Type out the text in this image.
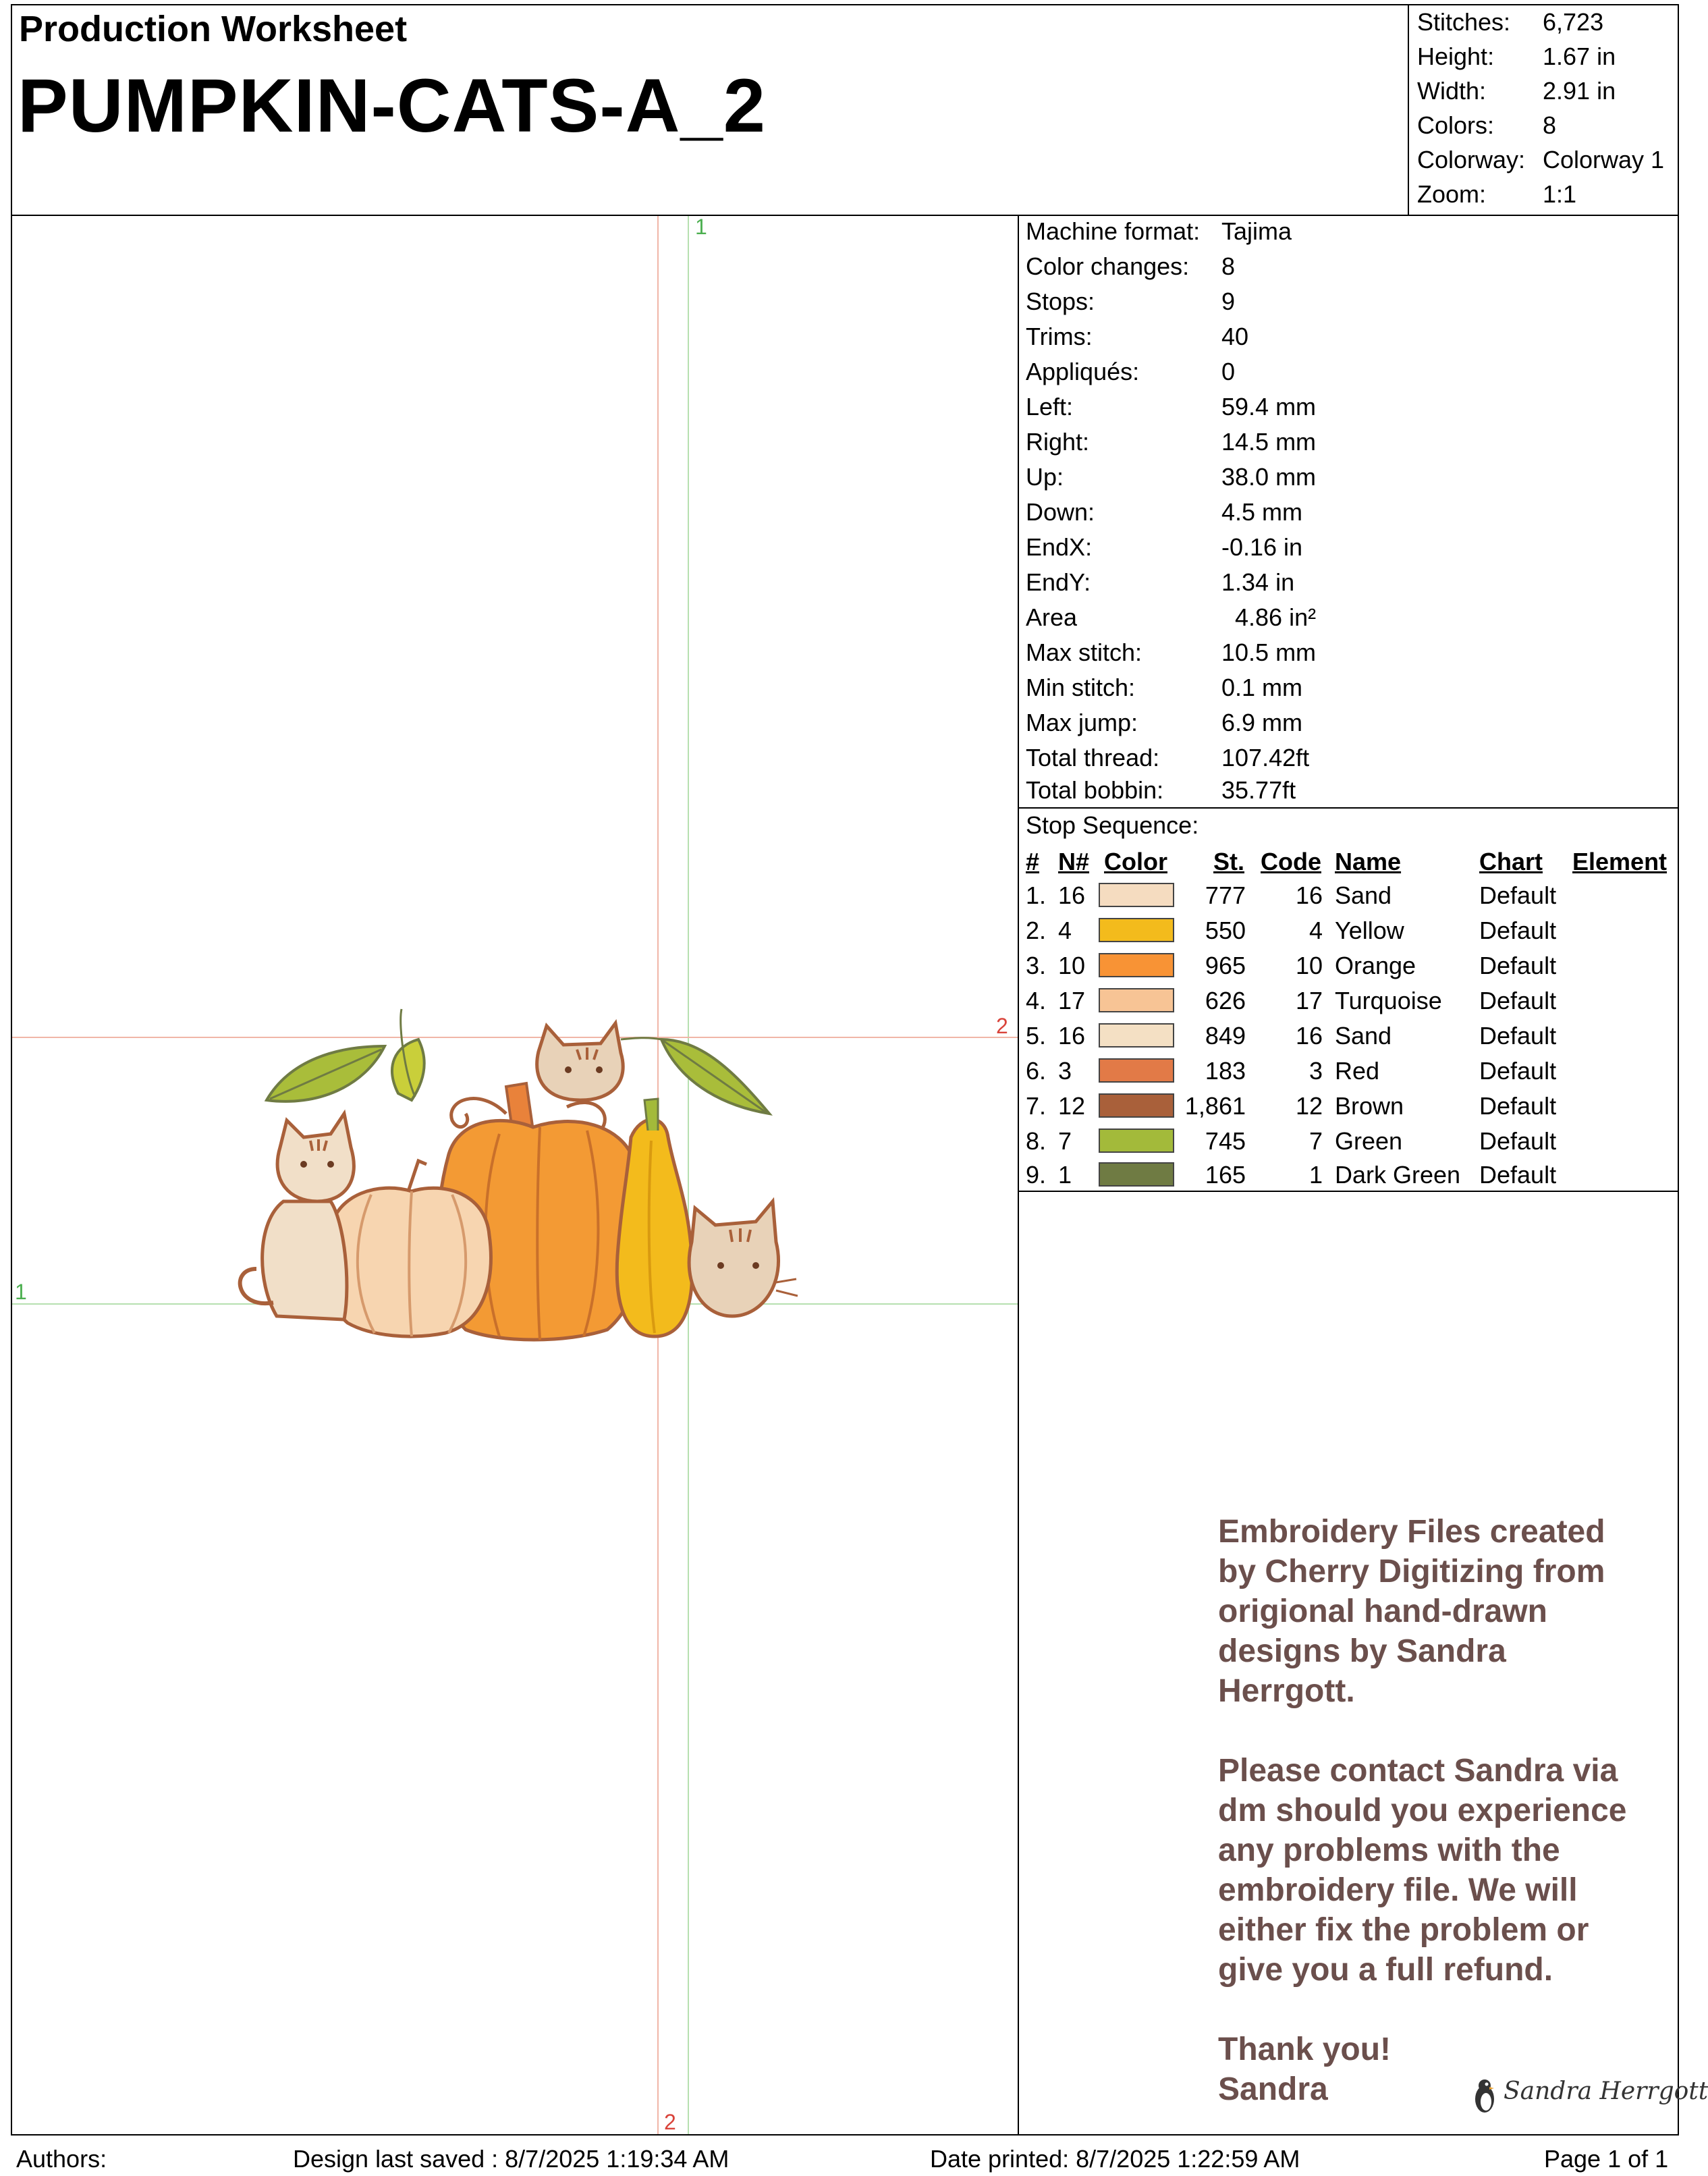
Production Worksheet
PUMPKIN-CATS-A_2
Stitches: 6,723
Height: 1.67 in
Width: 2.91 in
Colors: 8
Colorway: Colorway 1
Zoom: 1:1
1
1
2
2
Machine format: Tajima
Color changes: 8
Stops:	9
Trims:	40
Appliqués:	0
Left:	59.4 mm
Right:	14.5 mm
Up:	38.0 mm
Down:	4.5 mm
EndX:	-0.16 in
EndY:	1.34 in
Area	4.86 in²
Max stitch:	10.5 mm
Min stitch:	0.1 mm
Max jump:	6.9 mm
Total thread:	107.42ft
Total bobbin: 35.77ft
Stop Sequence:
# N# Color St. Code Name	Chart Element
1. 16	777	16 Sand	Default
2. 4	550	4 Yellow	Default
3. 10	965	10 Orange	Default
4. 17	626	17 Turquoise Default
5. 16	849	16 Sand	Default
6. 3	183	3 Red	Default
7. 12	1,861	12 Brown	Default
8. 7	745	7 Green	Default
9. 1	165	1 Dark Green Default
Embroidery Files created
by Cherry Digitizing from
origional hand-drawn
designs by Sandra
Herrgott.
Please contact Sandra via
dm should you experience
any problems with the
embroidery file. We will
either fix the problem or
give you a full refund.
Thank you!
Sandra	Sandra Herrgott
Authors:	Design last saved : 8/7/2025 1:19:34 AM	Date printed: 8/7/2025 1:22:59 AM	Page 1 of 1
